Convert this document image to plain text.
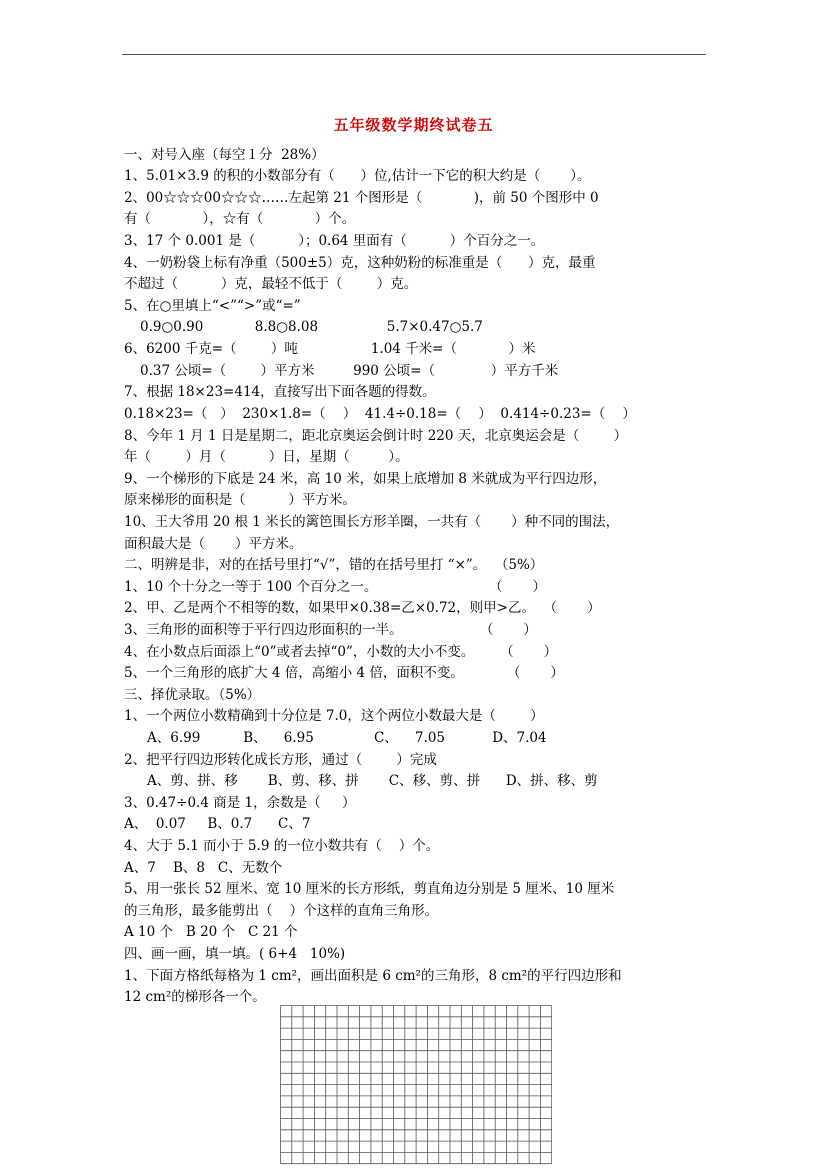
五年级数学期终试卷五
一、对号入座（每空１分  28%）
1、5.01×3.9 的积的小数部分有（      ）位,估计一下它的积大约是（       ）。
2、00☆☆☆00☆☆☆……左起第 21 个图形是（            )，前 50 个图形中 0
有（            ），☆有（            ）个。
3、17 个 0.001 是（          ）；0.64 里面有（          ）个百分之一。
4、一奶粉袋上标有净重（500±5）克，这种奶粉的标准重是（      ）克，最重
不超过（          ）克，最轻不低于（        ）克。
5、在○里填上“<”“>”或“=”
0.9○0.90            8.8○8.08                5.7×0.47○5.7
6、6200 千克=（        ）吨                 1.04 千米=（            ）米
0.37 公顷=（        ）平方米         990 公顷=（             ）平方千米
7、根据 18×23=414，直接写出下面各题的得数。
0.18×23=（   ）  230×1.8=（    ）  41.4÷0.18=（    ）  0.414÷0.23=（    ）
8、今年 1 月 1 日是星期二，距北京奥运会倒计时 220 天，北京奥运会是（        ）
年（        ）月（          ）日，星期（         ）。
9、一个梯形的下底是 24 米，高 10 米，如果上底增加 8 米就成为平行四边形，
原来梯形的面积是（          ）平方米。
10、王大爷用 20 根 1 米长的篱笆围长方形羊圈，一共有（       ）种不同的围法，
面积最大是（       ）平方米。
二、明辨是非，对的在括号里打“√”，错的在括号里打 “×”。  （5%）
1、10 个十分之一等于 100 个百分之一。                          （       ）
2、甲、乙是两个不相等的数，如果甲×0.38=乙×0.72，则甲>乙。  （       ）
3、三角形的面积等于平行四边形面积的一半。                  （       ）
4、在小数点后面添上“0”或者去掉“0”，小数的大小不变。      （       ）
5、一个三角形的底扩大 4 倍，高缩小 4 倍，面积不变。          （       ）
三、择优录取。（5%）
1、一个两位小数精确到十分位是 7.0，这个两位小数最大是（        ）
A、6.99          B、    6.95              C、    7.05           D、7.04
2、把平行四边形转化成长方形，通过（        ）完成
A、剪、拼、移       B、剪、移、拼       C、移、剪、拼      D、拼、移、剪
3、0.47÷0.4 商是 1，余数是（     ）
A、  0.07     B、0.7      C、7
4、大于 5.1 而小于 5.9 的一位小数共有（    ）个。
A、7    B、8   C、无数个
5、用一张长 52 厘米、宽 10 厘米的长方形纸，剪直角边分别是 5 厘米、10 厘米
的三角形，最多能剪出（    ）个这样的直角三角形。
A 10 个   B 20 个   C 21 个
四、画一画，填一填。( 6+4   10%)
1、下面方格纸每格为 1 cm²，画出面积是 6 cm²的三角形，8 cm²的平行四边形和
12 cm²的梯形各一个。
